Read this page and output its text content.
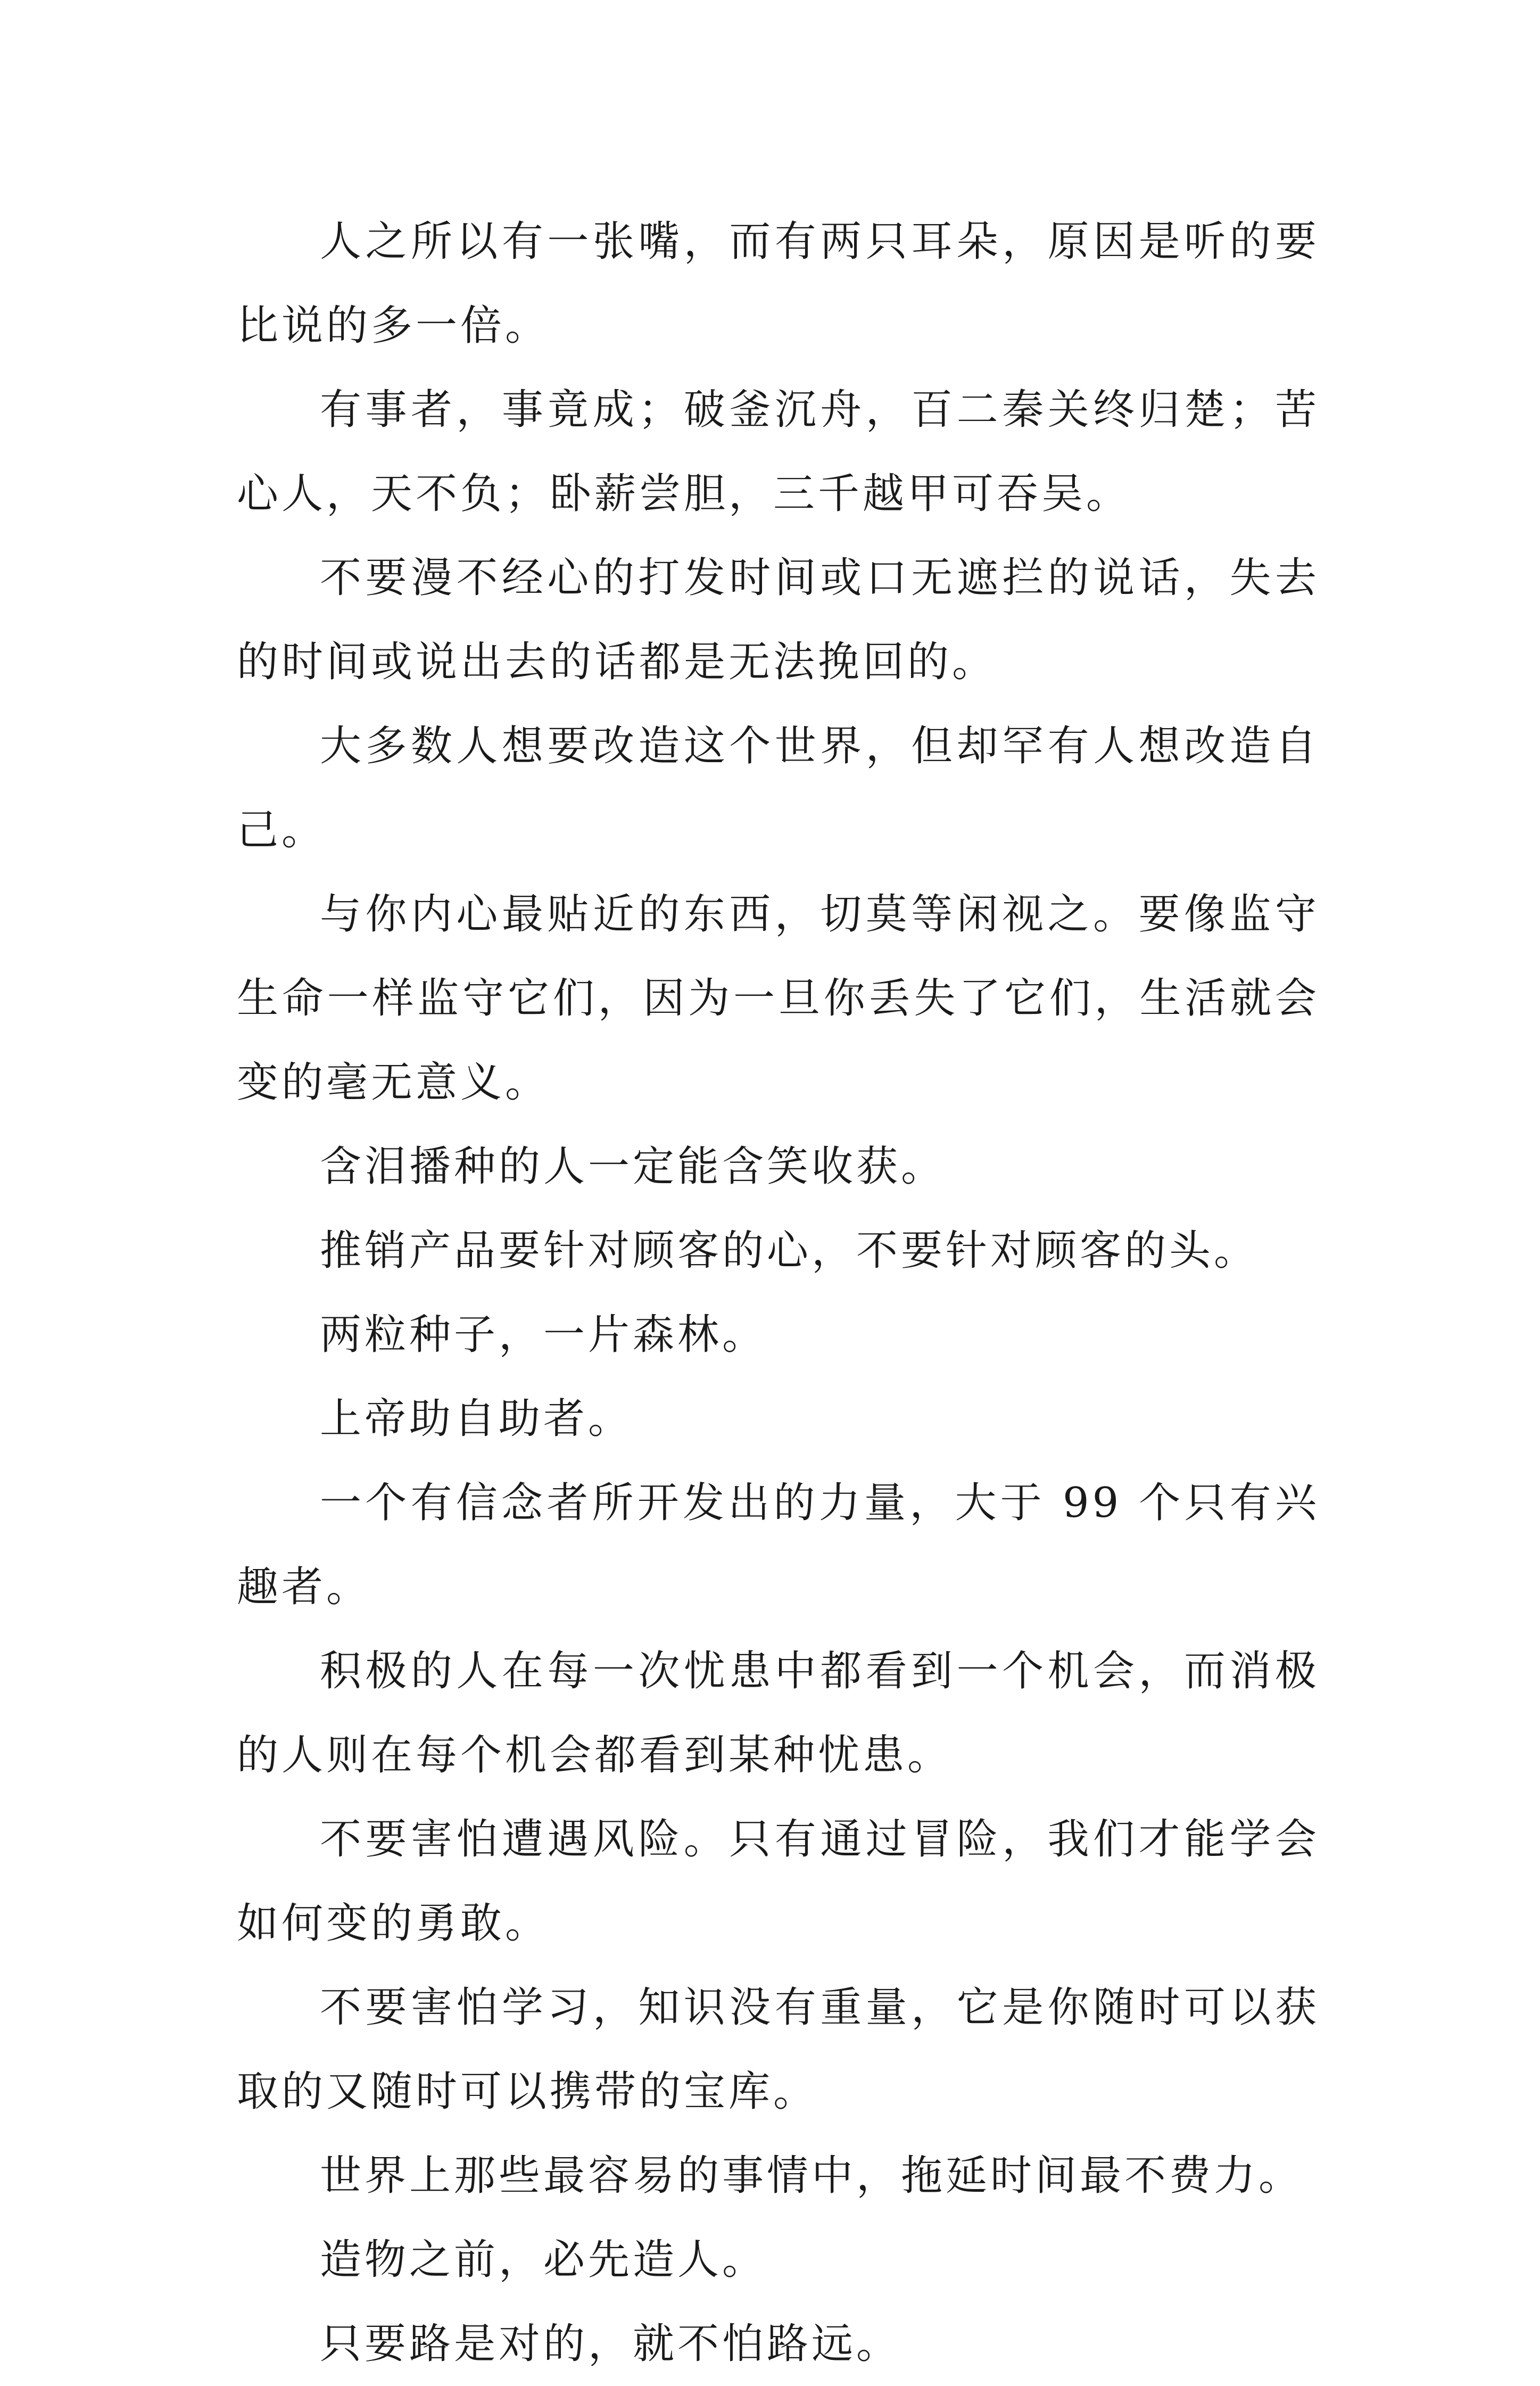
人之所以有一张嘴，而有两只耳朵，原因是听的要比说的多一倍。

有事者，事竟成；破釜沉舟，百二秦关终归楚；苦心人，天不负；卧薪尝胆，三千越甲可吞吴。

不要漫不经心的打发时间或口无遮拦的说话，失去的时间或说出去的话都是无法挽回的。

大多数人想要改造这个世界，但却罕有人想改造自己。

与你内心最贴近的东西，切莫等闲视之。要像监守生命一样监守它们，因为一旦你丢失了它们，生活就会变的毫无意义。

含泪播种的人一定能含笑收获。

推销产品要针对顾客的心，不要针对顾客的头。

两粒种子，一片森林。

上帝助自助者。

一个有信念者所开发出的力量，大于 99 个只有兴趣者。

积极的人在每一次忧患中都看到一个机会，而消极的人则在每个机会都看到某种忧患。

不要害怕遭遇风险。只有通过冒险，我们才能学会如何变的勇敢。

不要害怕学习，知识没有重量，它是你随时可以获取的又随时可以携带的宝库。

世界上那些最容易的事情中，拖延时间最不费力。

造物之前，必先造人。

只要路是对的，就不怕路远。
